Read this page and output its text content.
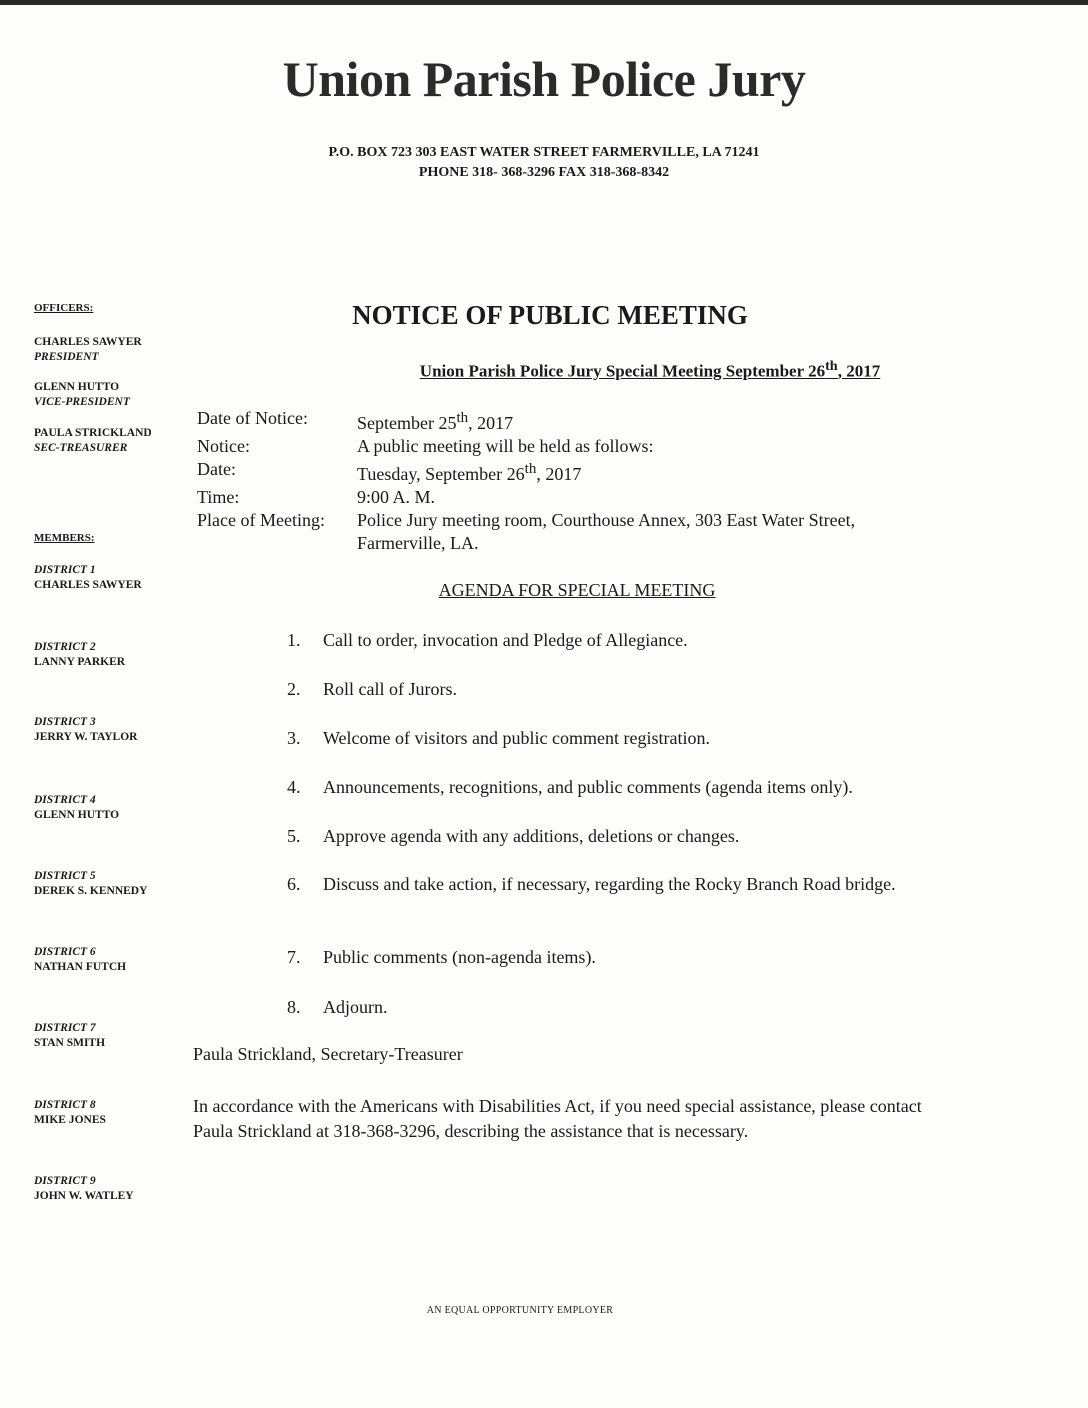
Union Parish Police Jury
P.O. BOX 723 303 EAST WATER STREET FARMERVILLE, LA 71241
PHONE 318- 368-3296 FAX 318-368-8342
OFFICERS:
CHARLES SAWYER
PRESIDENT
GLENN HUTTO
VICE-PRESIDENT
PAULA STRICKLAND
SEC-TREASURER
MEMBERS:
DISTRICT 1
CHARLES SAWYER
DISTRICT 2
LANNY PARKER
DISTRICT 3
JERRY W. TAYLOR
DISTRICT 4
GLENN HUTTO
DISTRICT 5
DEREK S. KENNEDY
DISTRICT 6
NATHAN FUTCH
DISTRICT 7
STAN SMITH
DISTRICT 8
MIKE JONES
DISTRICT 9
JOHN W. WATLEY
NOTICE OF PUBLIC MEETING
Union Parish Police Jury Special Meeting September 26th, 2017
Date of Notice:	September 25th, 2017
Notice:	A public meeting will be held as follows:
Date:	Tuesday, September 26th, 2017
Time:	9:00 A. M.
Place of Meeting:	Police Jury meeting room, Courthouse Annex, 303 East Water Street, Farmerville, LA.
AGENDA FOR SPECIAL MEETING
1.	Call to order, invocation and Pledge of Allegiance.
2.	Roll call of Jurors.
3.	Welcome of visitors and public comment registration.
4.	Announcements, recognitions, and public comments (agenda items only).
5.	Approve agenda with any additions, deletions or changes.
6.	Discuss and take action, if necessary, regarding the Rocky Branch Road bridge.
7.	Public comments (non-agenda items).
8.	Adjourn.
Paula Strickland, Secretary-Treasurer
In accordance with the Americans with Disabilities Act, if you need special assistance, please contact Paula Strickland at 318-368-3296, describing the assistance that is necessary.
AN EQUAL OPPORTUNITY EMPLOYER
